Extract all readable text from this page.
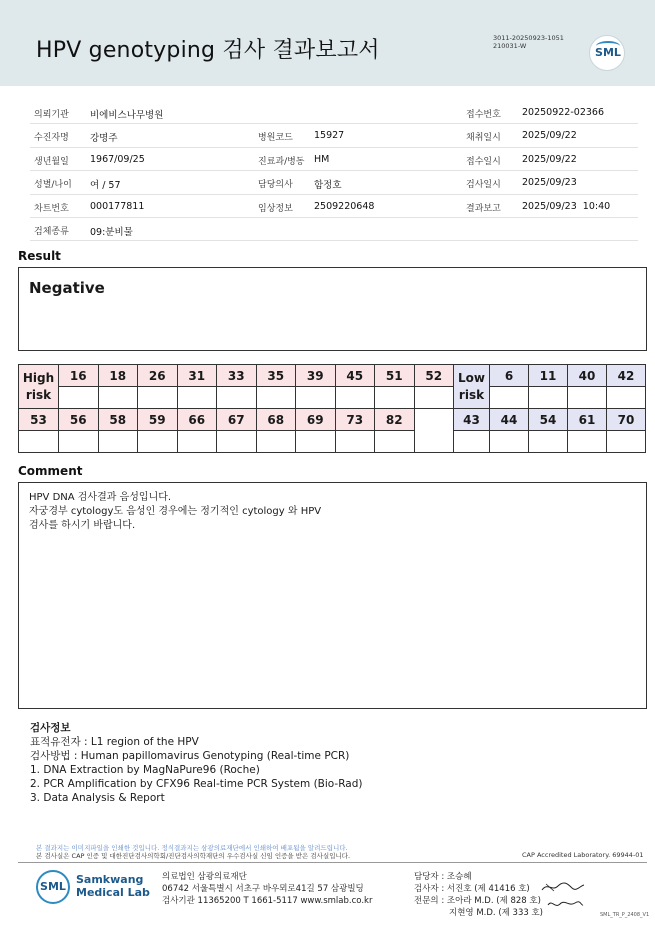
HPV genotyping 검사 결과보고서	3011-20250923-1051
210031-W	SML
의뢰기관 비에비스나무병원	접수번호 20250922-02366
수진자명 강명주	병원코드 15927	채취일시 2025/09/22
생년월일 1967/09/25	진료과/병동 HM	접수일시 2025/09/22
성별/나이 여 / 57	담당의사 함정호	검사일시 2025/09/23
차트번호 000177811	임상정보 2509220648	결과보고 2025/09/23  10:40
검체종류 09:분비물
Result
Negative
High risk	16	18	26	31	33	35	39	45	51	52	Low risk	6	11	40	42

53	56	58	59	66	67	68	69	73	82		43	44	54	61	70

Comment
HPV DNA 검사결과 음성입니다.
자궁경부 cytology도 음성인 경우에는 정기적인 cytology 와 HPV
검사를 하시기 바랍니다.
검사정보
표적유전자 : L1 region of the HPV
검사방법 : Human papillomavirus Genotyping (Real-time PCR)
1. DNA Extraction by MagNaPure96 (Roche)
2. PCR Amplification by CFX96 Real-time PCR System (Bio-Rad)
3. Data Analysis & Report
본 결과지는 이미지파일을 인쇄한 것입니다. 정식결과지는 삼광의료재단에서 인쇄하여 배포됨을 알려드립니다.
본 검사실은 CAP 인증 및 대한진단검사의학회/진단검사의학재단의 우수검사실 신임 인증을 받은 검사실입니다.	CAP Accredited Laboratory. 69944-01
SML
Samkwang
Medical Lab
의료법인 삼광의료재단
06742 서울특별시 서초구 바우뫼로41길 57 삼광빌딩
검사기관 11365200 T 1661-5117 www.smlab.co.kr
담당자 : 조승혜
검사자 : 서진호 (제 41416 호)
전문의 : 조아라 M.D. (제 828 호)
지현영 M.D. (제 333 호)	SML_TR_P_2408_V1
